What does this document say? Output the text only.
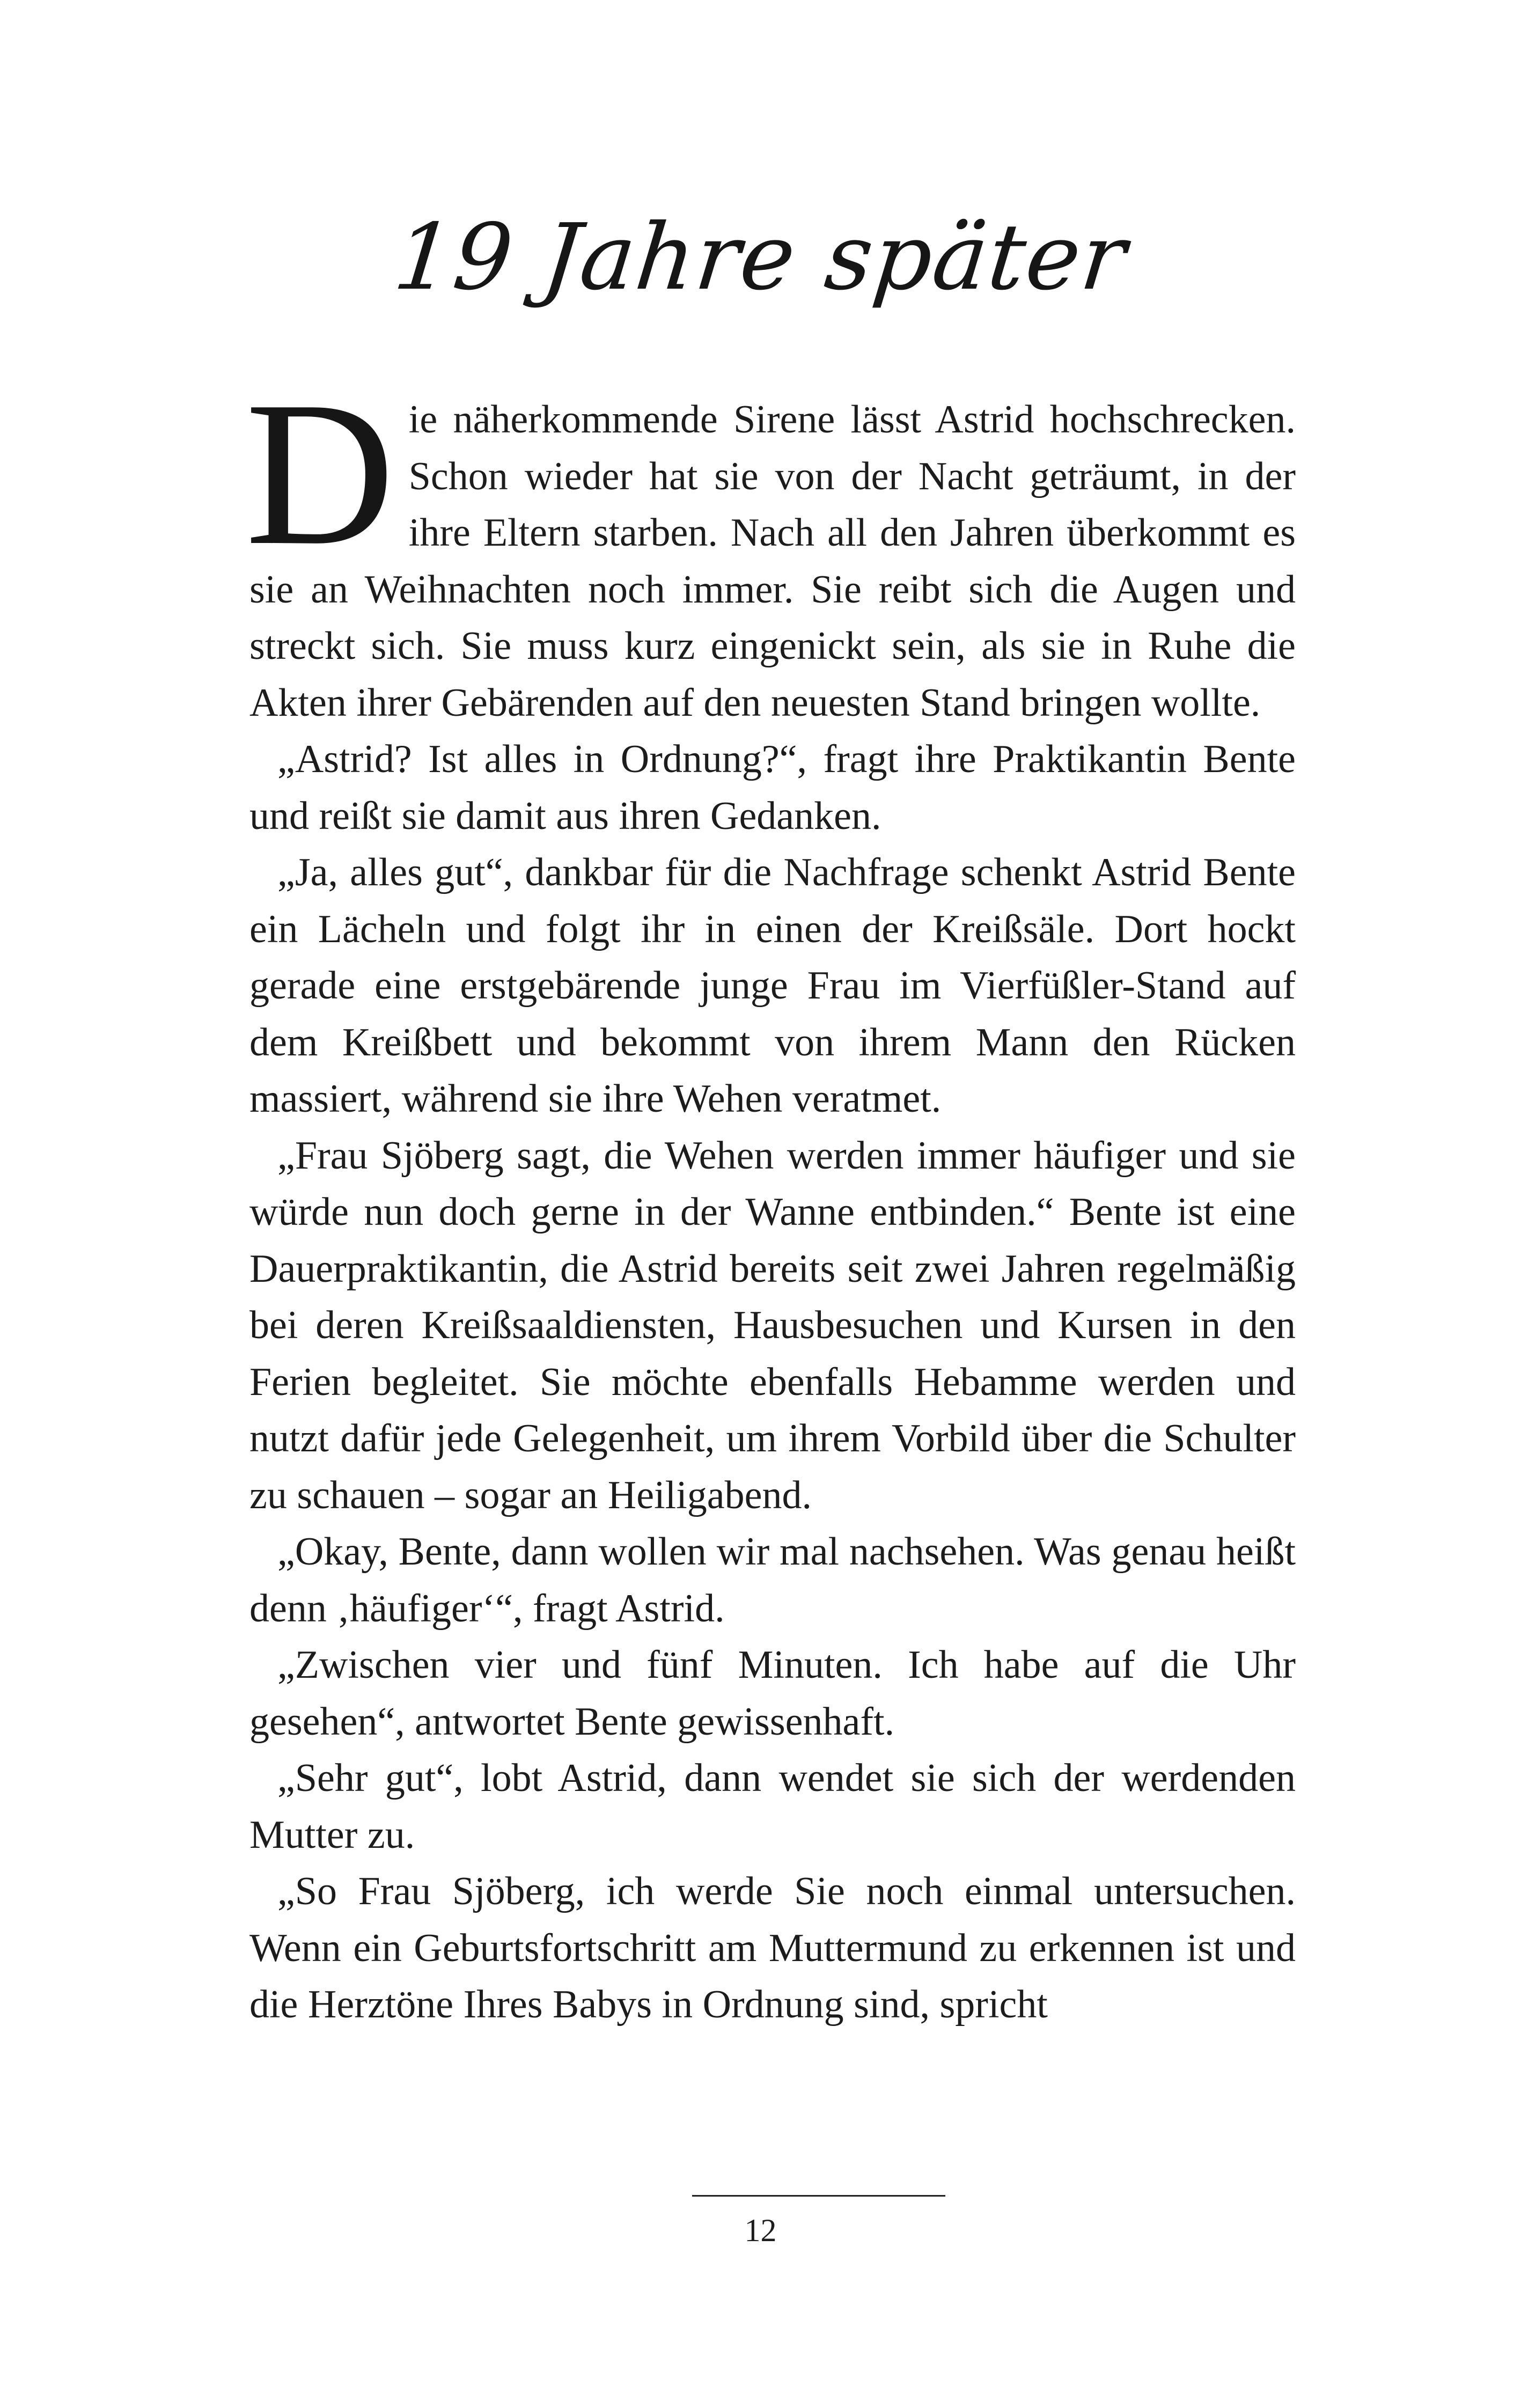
19 Jahre später

Die näherkommende Sirene lässt Astrid hochschrecken. Schon wieder hat sie von der Nacht geträumt, in der ihre Eltern starben. Nach all den Jahren überkommt es sie an Weihnachten noch immer. Sie reibt sich die Augen und streckt sich. Sie muss kurz eingenickt sein, als sie in Ruhe die Akten ihrer Gebärenden auf den neuesten Stand bringen wollte.

„Astrid? Ist alles in Ordnung?“, fragt ihre Praktikantin Bente und reißt sie damit aus ihren Gedanken.

„Ja, alles gut“, dankbar für die Nachfrage schenkt Astrid Bente ein Lächeln und folgt ihr in einen der Kreißsäle. Dort hockt gerade eine erstgebärende junge Frau im Vierfüßler-Stand auf dem Kreißbett und bekommt von ihrem Mann den Rücken massiert, während sie ihre Wehen veratmet.

„Frau Sjöberg sagt, die Wehen werden immer häufiger und sie würde nun doch gerne in der Wanne entbinden.“ Bente ist eine Dauerpraktikantin, die Astrid bereits seit zwei Jahren regelmäßig bei deren Kreißsaaldiensten, Hausbesuchen und Kursen in den Ferien begleitet. Sie möchte ebenfalls Hebamme werden und nutzt dafür jede Gelegenheit, um ihrem Vorbild über die Schulter zu schauen – sogar an Heiligabend.

„Okay, Bente, dann wollen wir mal nachsehen. Was genau heißt denn ‚häufiger‘“, fragt Astrid.

„Zwischen vier und fünf Minuten. Ich habe auf die Uhr gesehen“, antwortet Bente gewissenhaft.

„Sehr gut“, lobt Astrid, dann wendet sie sich der werdenden Mutter zu.

„So Frau Sjöberg, ich werde Sie noch einmal untersuchen. Wenn ein Geburtsfortschritt am Muttermund zu erkennen ist und die Herztöne Ihres Babys in Ordnung sind, spricht

12
